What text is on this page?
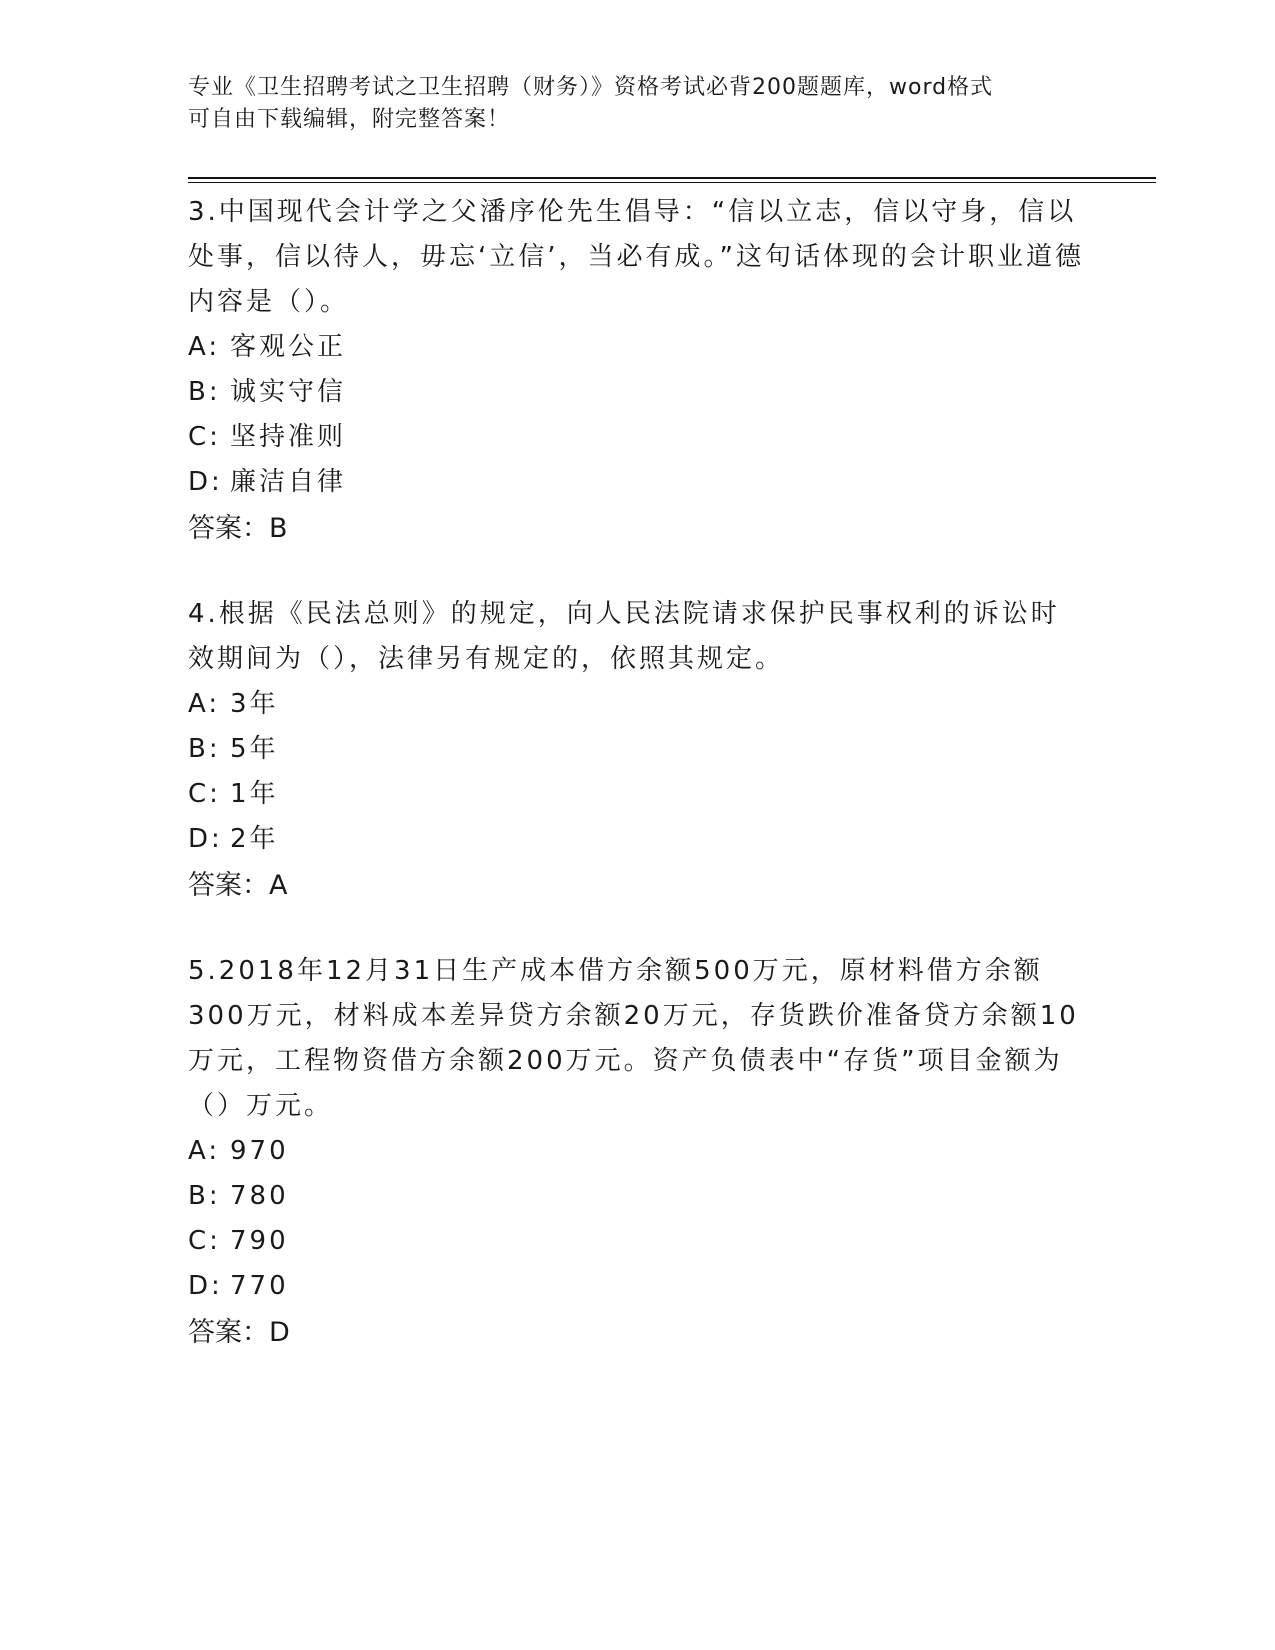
专业《卫生招聘考试之卫生招聘（财务）》资格考试必背200题题库，word格式
可自由下载编辑，附完整答案！

3.中国现代会计学之父潘序伦先生倡导：“信以立志，信以守身，信以处事，信以待人，毋忘‘立信’，当必有成。”这句话体现的会计职业道德内容是（）。

A: 客观公正

B: 诚实守信

C: 坚持准则

D: 廉洁自律

答案：B

4.根据《民法总则》的规定，向人民法院请求保护民事权利的诉讼时效期间为（），法律另有规定的，依照其规定。

A: 3年

B: 5年

C: 1年

D: 2年

答案：A

5.2018年12月31日生产成本借方余额500万元，原材料借方余额300万元，材料成本差异贷方余额20万元，存货跌价准备贷方余额10万元，工程物资借方余额200万元。资产负债表中“存货”项目金额为（）万元。

A: 970

B: 780

C: 790

D: 770

答案：D
